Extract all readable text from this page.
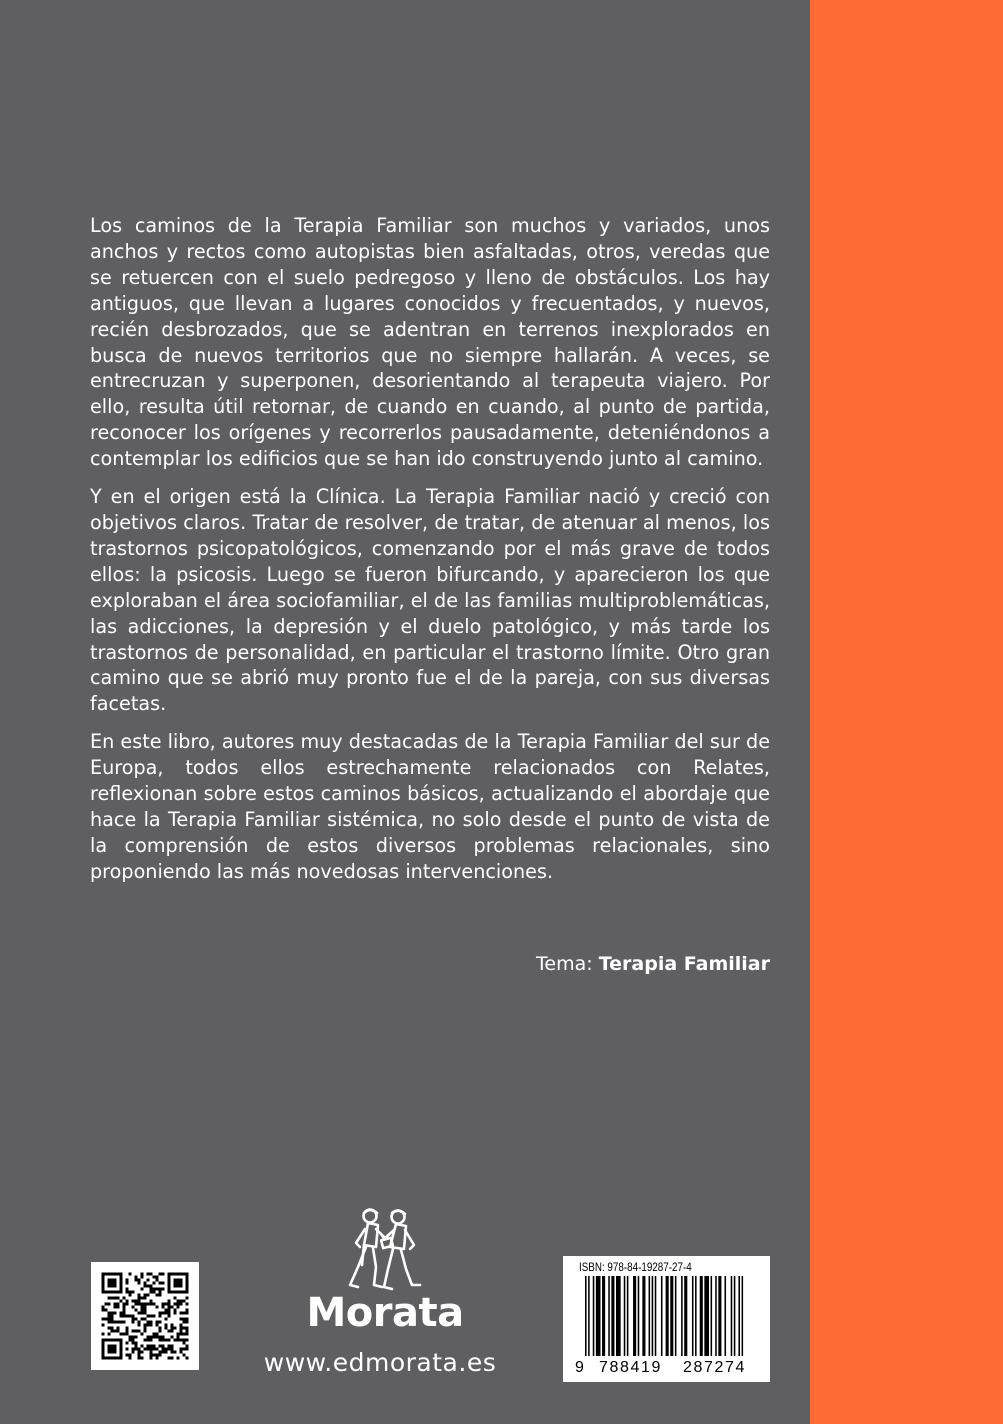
Los caminos de la Terapia Familiar son muchos y variados, unos anchos y rectos como autopistas bien asfaltadas, otros, veredas que se retuercen con el suelo pedregoso y lleno de obstáculos. Los hay antiguos, que llevan a lugares conocidos y frecuentados, y nuevos, recién desbrozados, que se adentran en terrenos inexplorados en busca de nuevos territorios que no siempre hallarán. A veces, se entrecruzan y superponen, desorientando al terapeuta viajero. Por ello, resulta útil retornar, de cuando en cuando, al punto de partida, reconocer los orígenes y recorrerlos pausadamente, deteniéndonos a contemplar los edificios que se han ido construyendo junto al camino.

Y en el origen está la Clínica. La Terapia Familiar nació y creció con objetivos claros. Tratar de resolver, de tratar, de atenuar al menos, los trastornos psicopatológicos, comenzando por el más grave de todos ellos: la psicosis. Luego se fueron bifurcando, y aparecieron los que exploraban el área sociofamiliar, el de las familias multiproblemáticas, las adicciones, la depresión y el duelo patológico, y más tarde los trastornos de personalidad, en particular el trastorno límite. Otro gran camino que se abrió muy pronto fue el de la pareja, con sus diversas facetas.

En este libro, autores muy destacadas de la Terapia Familiar del sur de Europa, todos ellos estrechamente relacionados con Relates, reflexionan sobre estos caminos básicos, actualizando el abordaje que hace la Terapia Familiar sistémica, no solo desde el punto de vista de la comprensión de estos diversos problemas relacionales, sino proponiendo las más novedosas intervenciones.

Tema: Terapia Familiar
Morata
www.edmorata.es
ISBN: 978-84-19287-27-4
9 788419 287274
